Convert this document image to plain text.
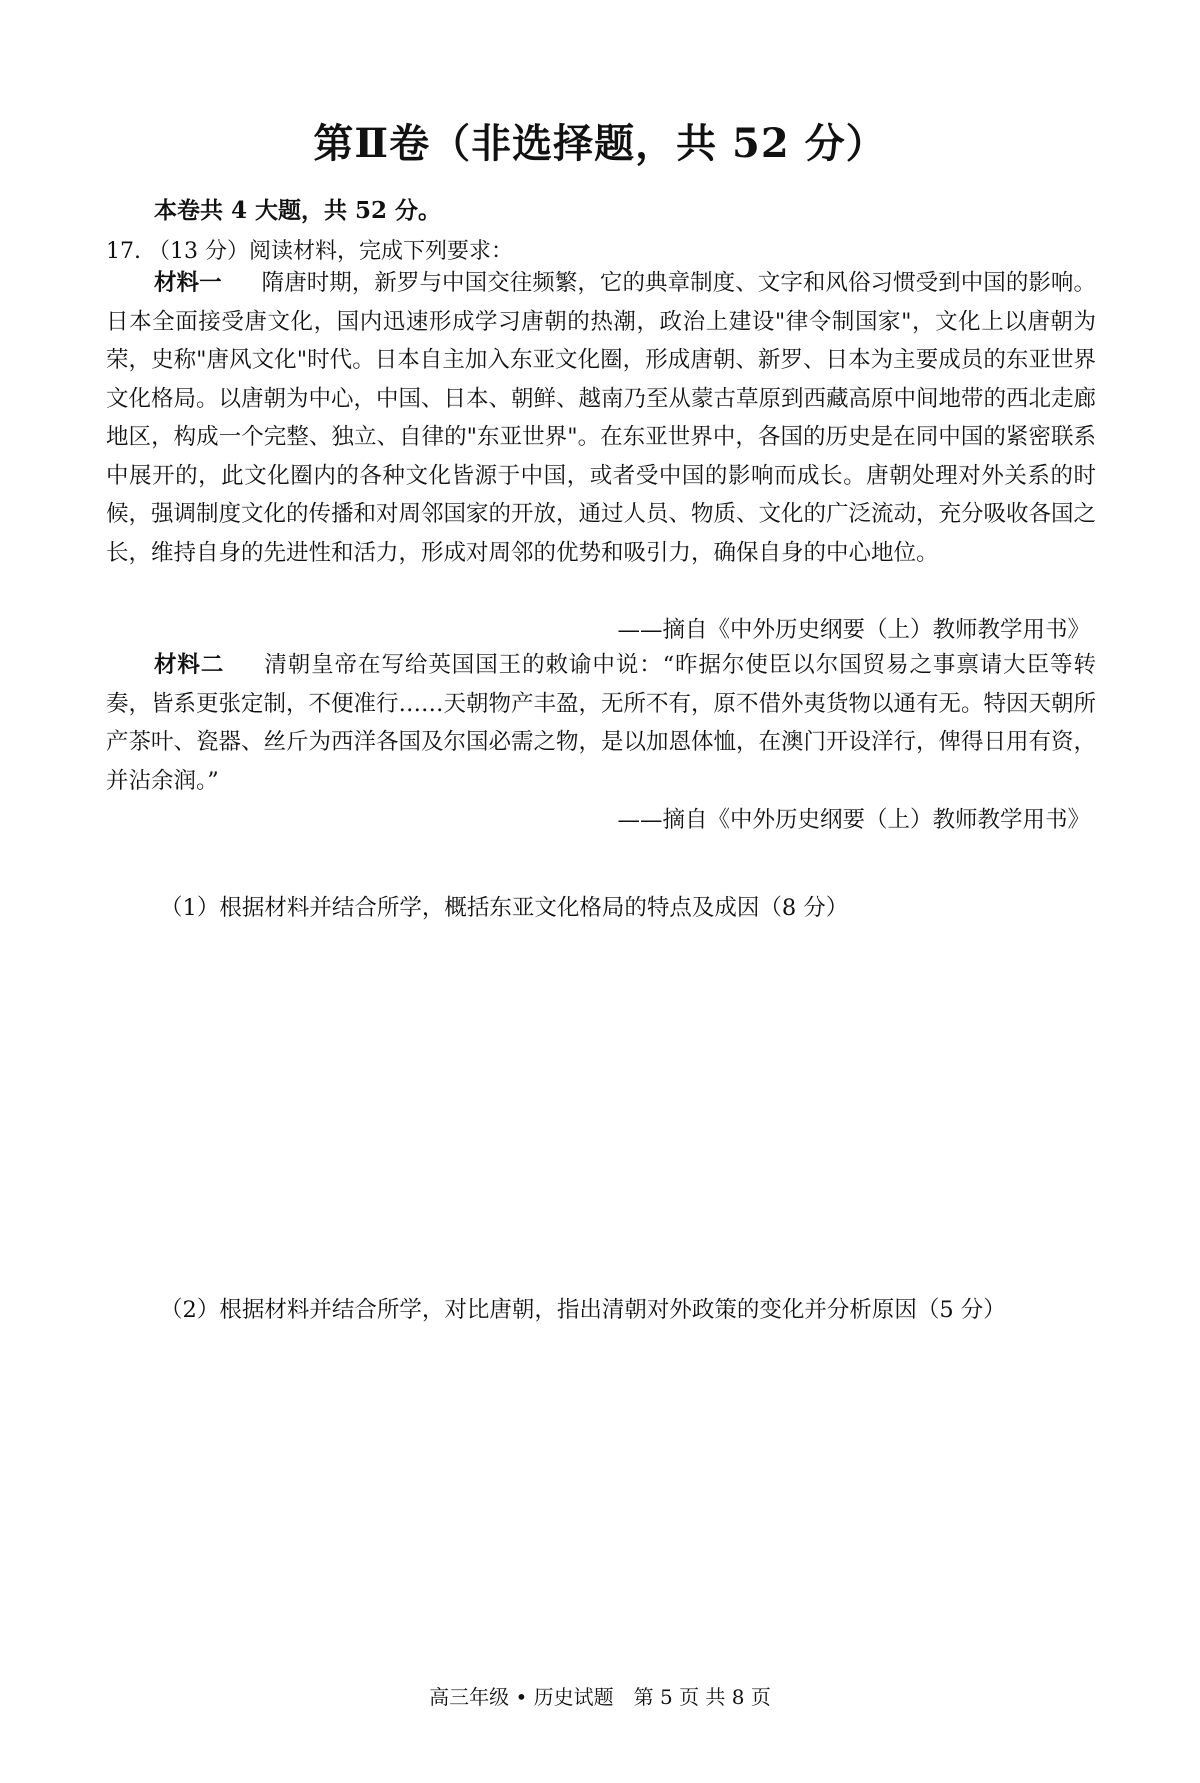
第Ⅱ卷（非选择题，共 52 分）
本卷共 4 大题，共 52 分。
17. （13 分）阅读材料，完成下列要求：
材料一 隋唐时期，新罗与中国交往频繁，它的典章制度、文字和风俗习惯受到中国的影响。日本全面接受唐文化，国内迅速形成学习唐朝的热潮，政治上建设"律令制国家"，文化上以唐朝为荣，史称"唐风文化"时代。日本自主加入东亚文化圈，形成唐朝、新罗、日本为主要成员的东亚世界文化格局。以唐朝为中心，中国、日本、朝鲜、越南乃至从蒙古草原到西藏高原中间地带的西北走廊地区，构成一个完整、独立、自律的"东亚世界"。在东亚世界中，各国的历史是在同中国的紧密联系中展开的，此文化圈内的各种文化皆源于中国，或者受中国的影响而成长。唐朝处理对外关系的时候，强调制度文化的传播和对周邻国家的开放，通过人员、物质、文化的广泛流动，充分吸收各国之长，维持自身的先进性和活力，形成对周邻的优势和吸引力，确保自身的中心地位。
——摘自《中外历史纲要（上）教师教学用书》
材料二 清朝皇帝在写给英国国王的敕谕中说：“昨据尔使臣以尔国贸易之事禀请大臣等转奏，皆系更张定制，不便准行……天朝物产丰盈，无所不有，原不借外夷货物以通有无。特因天朝所产茶叶、瓷器、丝斤为西洋各国及尔国必需之物，是以加恩体恤，在澳门开设洋行，俾得日用有资，并沾余润。”
——摘自《中外历史纲要（上）教师教学用书》
（1）根据材料并结合所学，概括东亚文化格局的特点及成因（8 分）
（2）根据材料并结合所学，对比唐朝，指出清朝对外政策的变化并分析原因（5 分）
高三年级 • 历史试题　第 5 页 共 8 页
